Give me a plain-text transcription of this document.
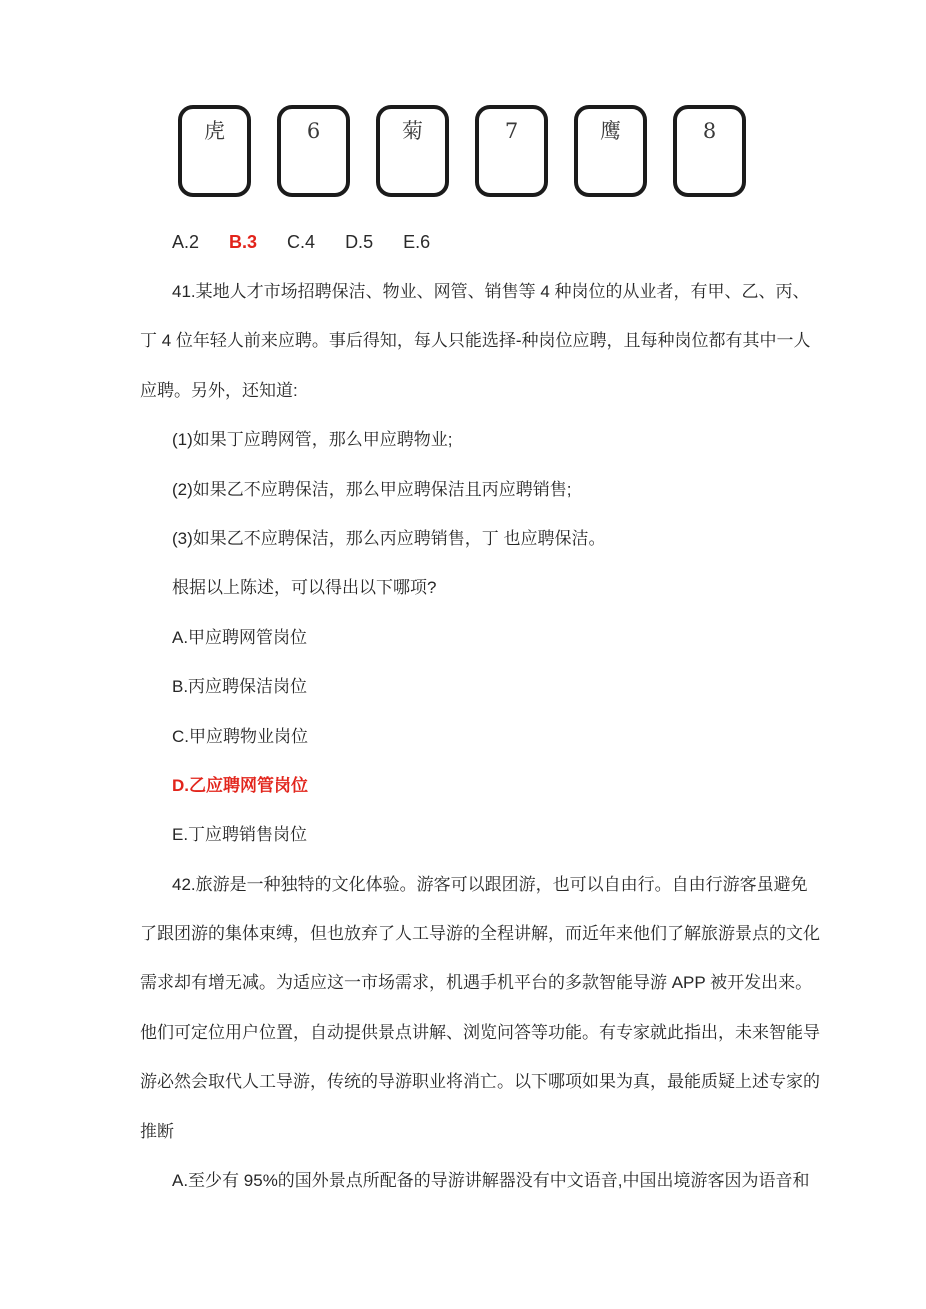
虎	6	菊	7	鹰	8
A.2 B.3 C.4 D.5 E.6
41.某地人才市场招聘保洁、物业、网管、销售等 4 种岗位的从业者，有甲、乙、丙、
丁 4 位年轻人前来应聘。事后得知，每人只能选择-种岗位应聘，且每种岗位都有其中一人
应聘。另外，还知道:
(1)如果丁应聘网管，那么甲应聘物业;
(2)如果乙不应聘保洁，那么甲应聘保洁且丙应聘销售;
(3)如果乙不应聘保洁，那么丙应聘销售，丁 也应聘保洁。
根据以上陈述，可以得出以下哪项?
A.甲应聘网管岗位
B.丙应聘保洁岗位
C.甲应聘物业岗位
D.乙应聘网管岗位
E.丁应聘销售岗位
42.旅游是一种独特的文化体验。游客可以跟团游，也可以自由行。自由行游客虽避免
了跟团游的集体束缚，但也放弃了人工导游的全程讲解，而近年来他们了解旅游景点的文化
需求却有增无减。为适应这一市场需求，机遇手机平台的多款智能导游 APP 被开发出来。
他们可定位用户位置，自动提供景点讲解、浏览问答等功能。有专家就此指出，未来智能导
游必然会取代人工导游，传统的导游职业将消亡。以下哪项如果为真，最能质疑上述专家的
推断
A.至少有 95%的国外景点所配备的导游讲解器没有中文语音,中国出境游客因为语音和
